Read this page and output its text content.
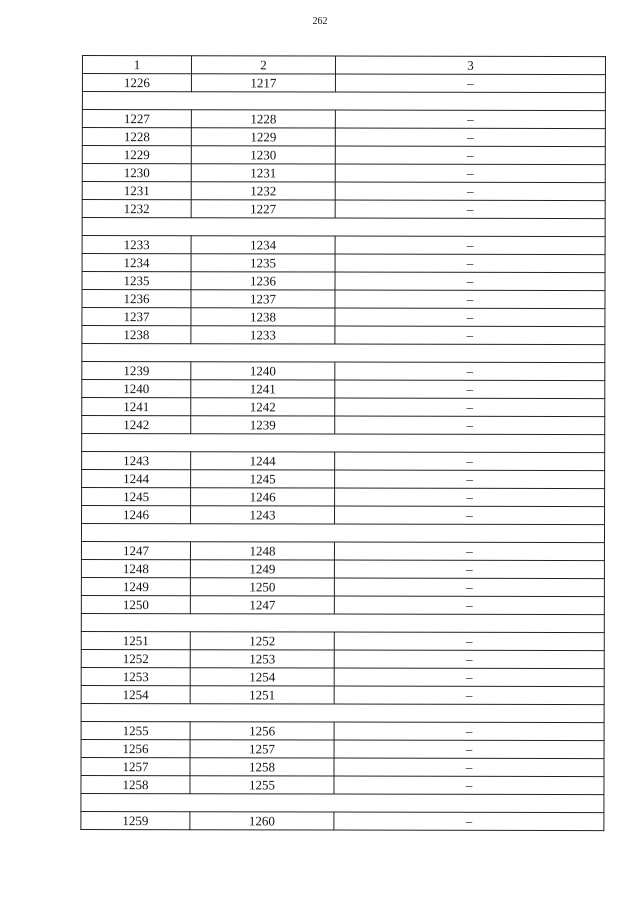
262
1	2	3
1226	1217	–

1227	1228	–
1228	1229	–
1229	1230	–
1230	1231	–
1231	1232	–
1232	1227	–

1233	1234	–
1234	1235	–
1235	1236	–
1236	1237	–
1237	1238	–
1238	1233	–

1239	1240	–
1240	1241	–
1241	1242	–
1242	1239	–

1243	1244	–
1244	1245	–
1245	1246	–
1246	1243	–

1247	1248	–
1248	1249	–
1249	1250	–
1250	1247	–

1251	1252	–
1252	1253	–
1253	1254	–
1254	1251	–

1255	1256	–
1256	1257	–
1257	1258	–
1258	1255	–

1259	1260	–
